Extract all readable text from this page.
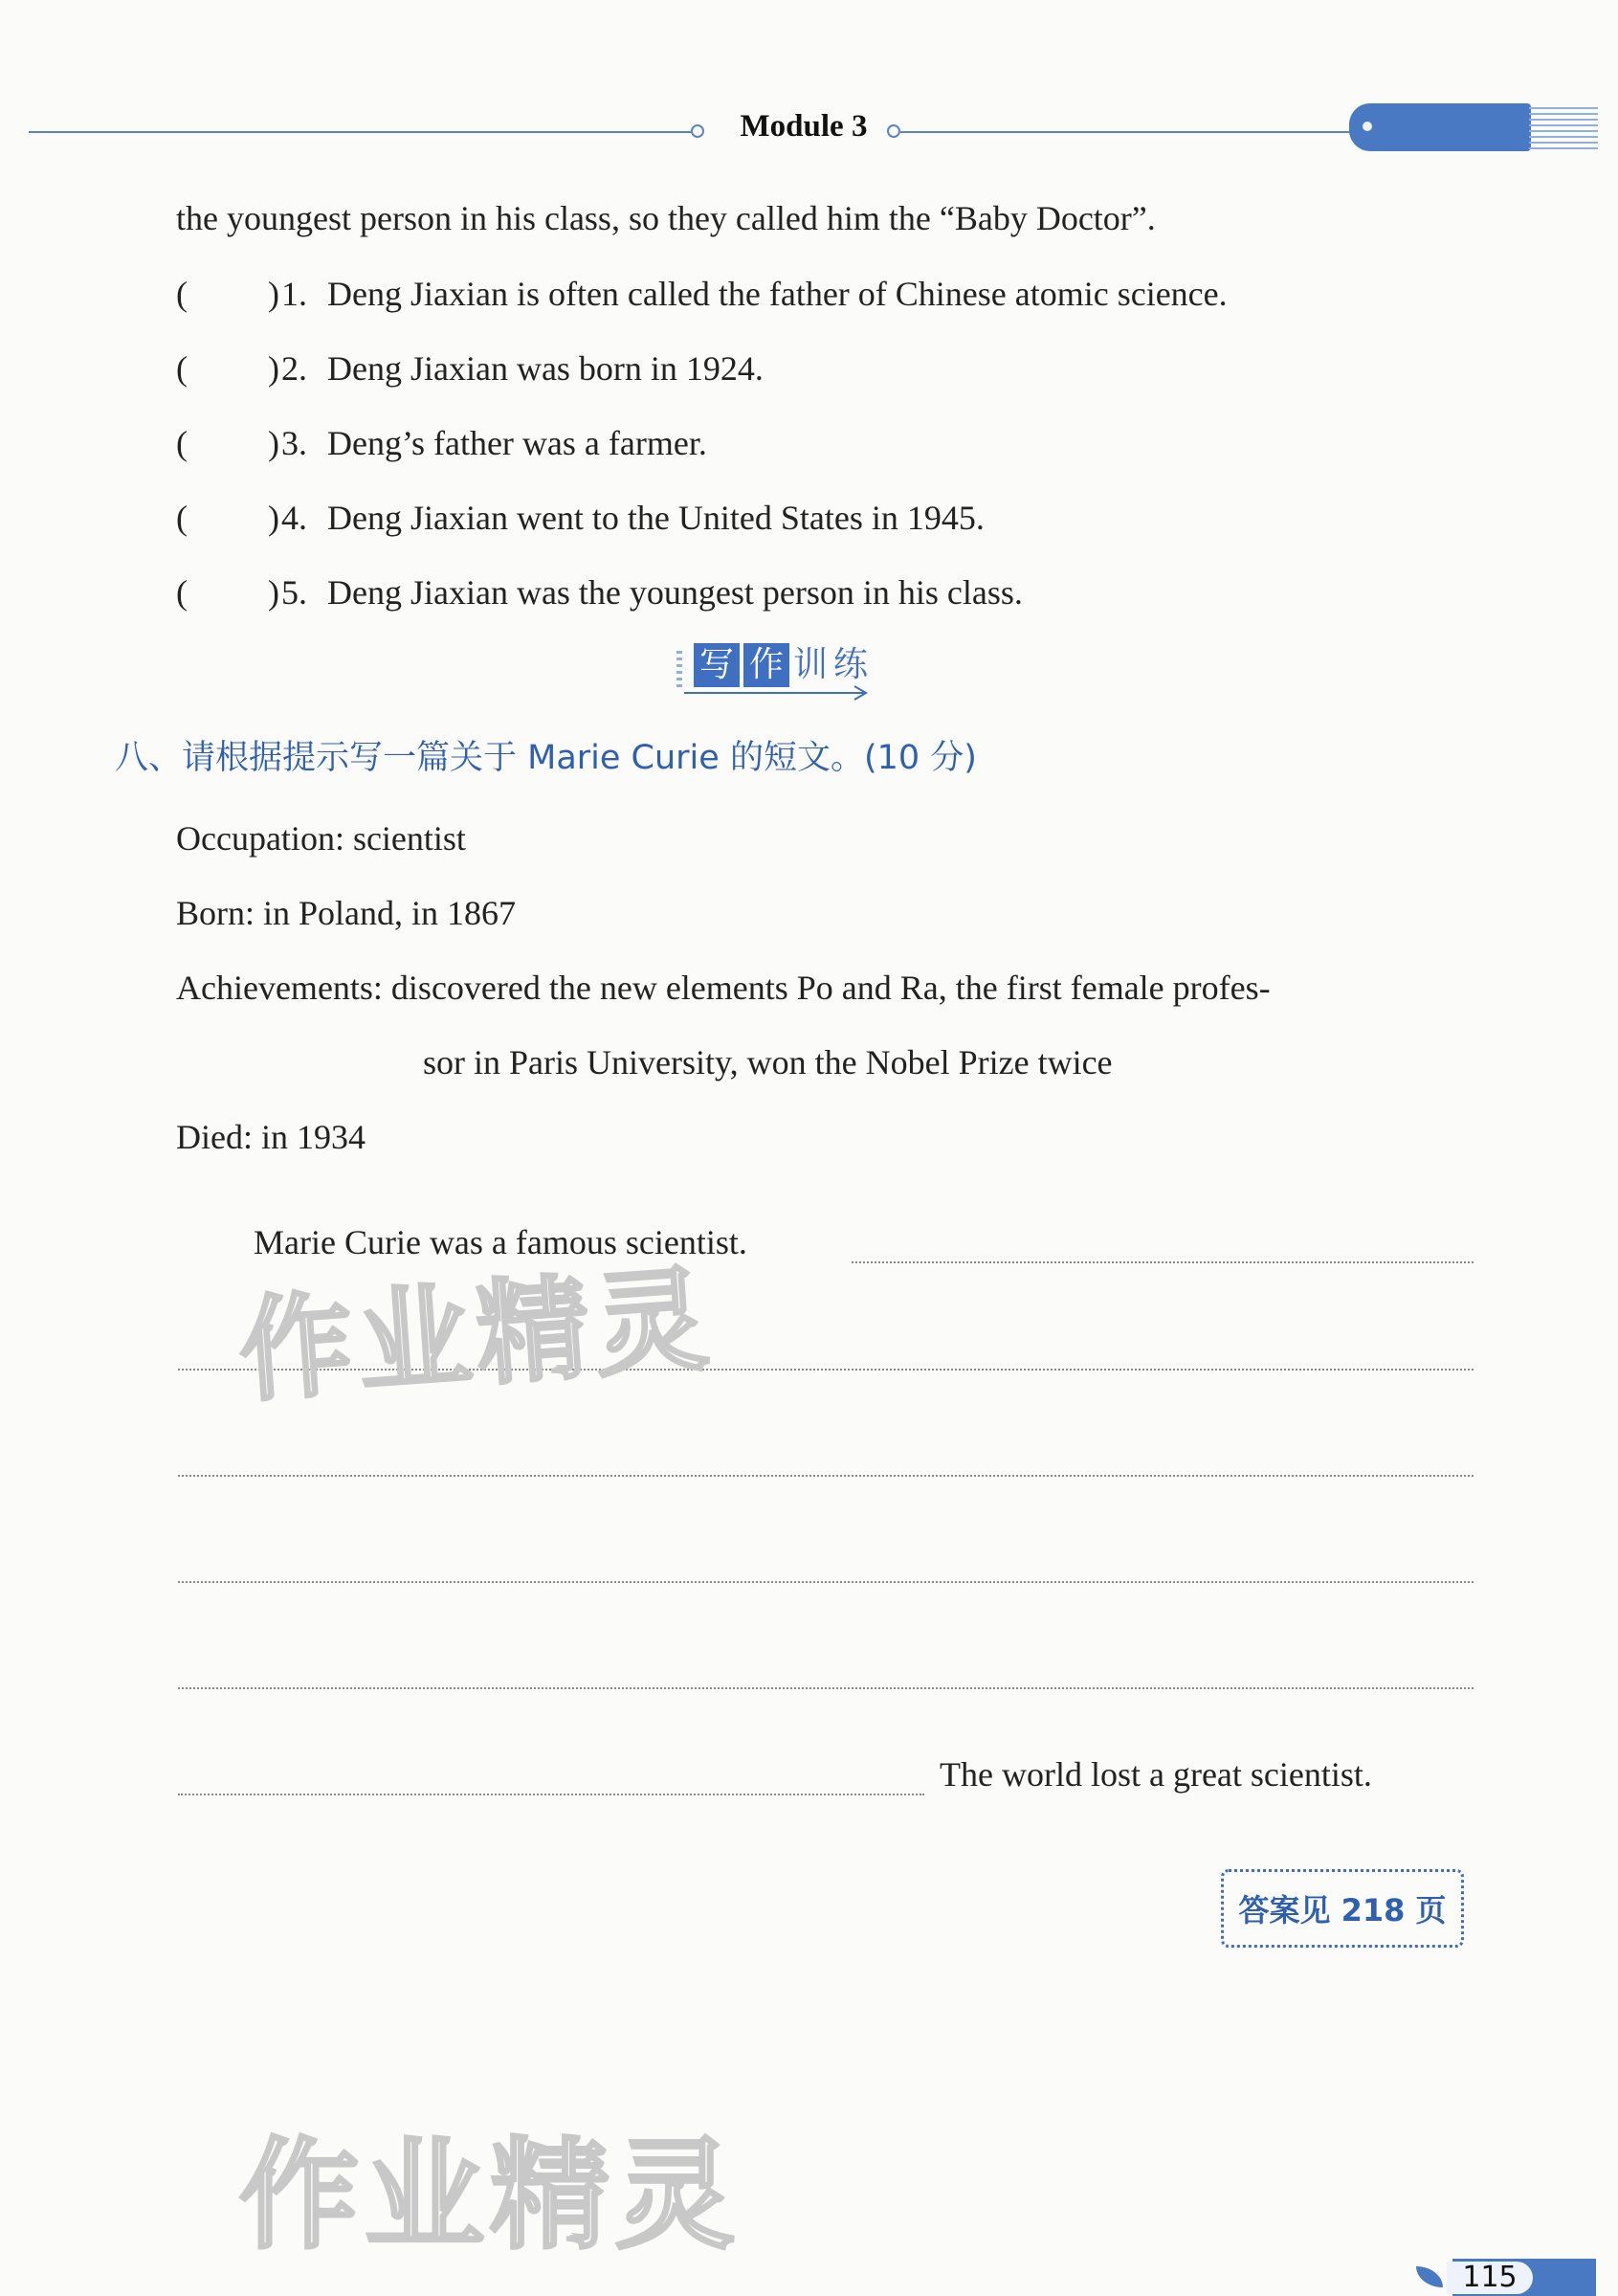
Module 3
the youngest person in his class, so they called him the “Baby Doctor”.
( ) 1. Deng Jiaxian is often called the father of Chinese atomic science.
( ) 2. Deng Jiaxian was born in 1924.
( ) 3. Deng’s father was a farmer.
( ) 4. Deng Jiaxian went to the United States in 1945.
( ) 5. Deng Jiaxian was the youngest person in his class.
写 作 训 练
八、请根据提示写一篇关于 Marie Curie 的短文。(10 分)
Occupation: scientist
Born: in Poland, in 1867
Achievements: discovered the new elements Po and Ra, the first female profes-
sor in Paris University, won the Nobel Prize twice
Died: in 1934
Marie Curie was a famous scientist.
The world lost a great scientist.
作业精灵
作业精灵
答案见 218 页
115
